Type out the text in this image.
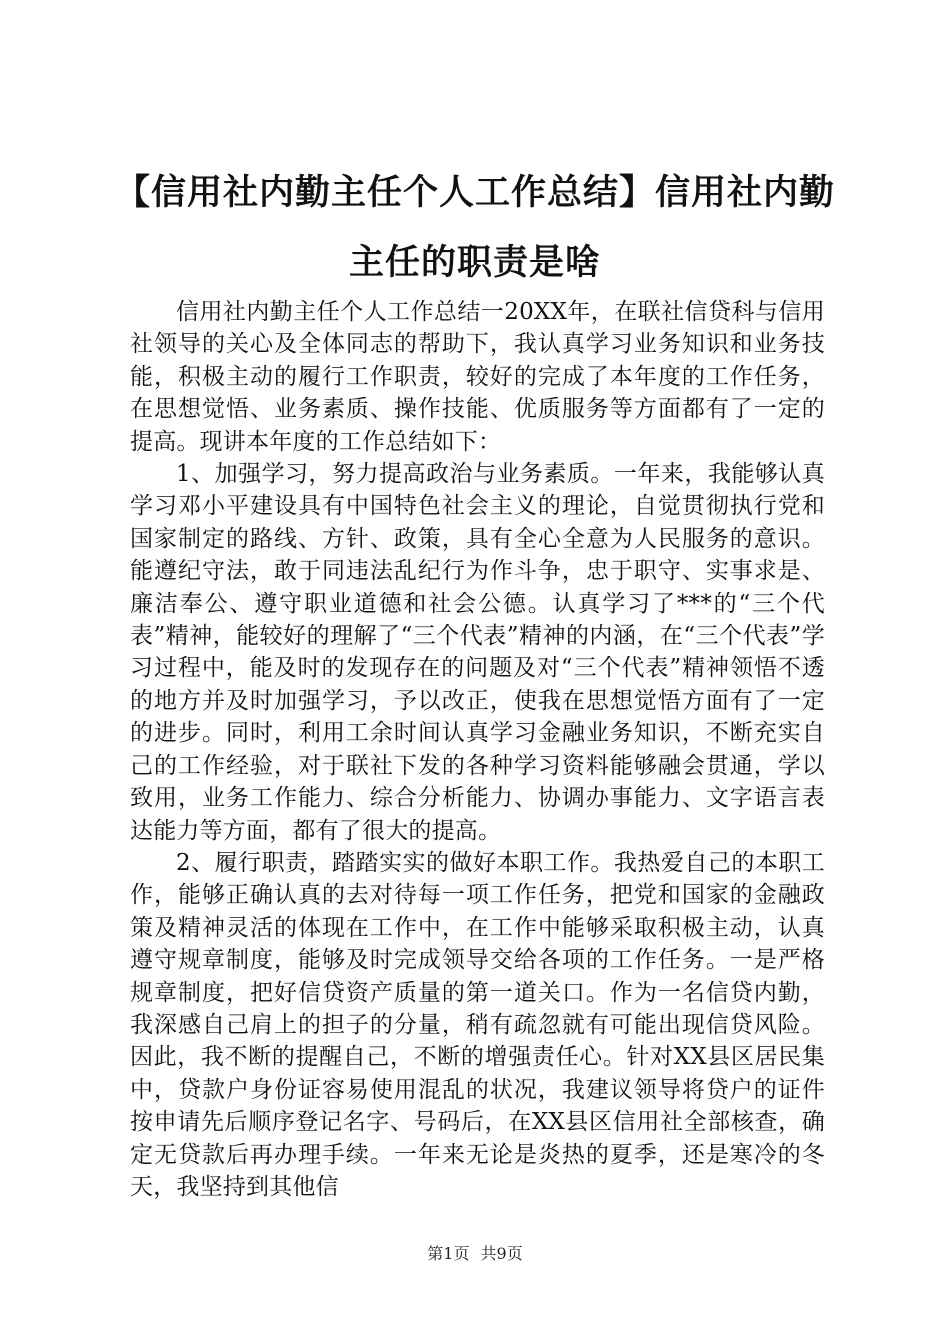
【信用社内勤主任个人工作总结】信用社内勤主任的职责是啥

信用社内勤主任个人工作总结一20XX年，在联社信贷科与信用社领导的关心及全体同志的帮助下，我认真学习业务知识和业务技能，积极主动的履行工作职责，较好的完成了本年度的工作任务，在思想觉悟、业务素质、操作技能、优质服务等方面都有了一定的提高。现讲本年度的工作总结如下：

1、加强学习，努力提高政治与业务素质。一年来，我能够认真学习邓小平建设具有中国特色社会主义的理论，自觉贯彻执行党和国家制定的路线、方针、政策，具有全心全意为人民服务的意识。能遵纪守法，敢于同违法乱纪行为作斗争，忠于职守、实事求是、廉洁奉公、遵守职业道德和社会公德。认真学习了***的“三个代表”精神，能较好的理解了“三个代表”精神的内涵，在“三个代表”学习过程中，能及时的发现存在的问题及对“三个代表”精神领悟不透的地方并及时加强学习，予以改正，使我在思想觉悟方面有了一定的进步。同时，利用工余时间认真学习金融业务知识，不断充实自己的工作经验，对于联社下发的各种学习资料能够融会贯通，学以致用，业务工作能力、综合分析能力、协调办事能力、文字语言表达能力等方面，都有了很大的提高。

2、履行职责，踏踏实实的做好本职工作。我热爱自己的本职工作，能够正确认真的去对待每一项工作任务，把党和国家的金融政策及精神灵活的体现在工作中，在工作中能够采取积极主动，认真遵守规章制度，能够及时完成领导交给各项的工作任务。一是严格规章制度，把好信贷资产质量的第一道关口。作为一名信贷内勤，我深感自己肩上的担子的分量，稍有疏忽就有可能出现信贷风险。因此，我不断的提醒自己，不断的增强责任心。针对XX县区居民集中，贷款户身份证容易使用混乱的状况，我建议领导将贷户的证件按申请先后顺序登记名字、号码后，在XX县区信用社全部核查，确定无贷款后再办理手续。一年来无论是炎热的夏季，还是寒冷的冬天，我坚持到其他信

第1页 共9页
